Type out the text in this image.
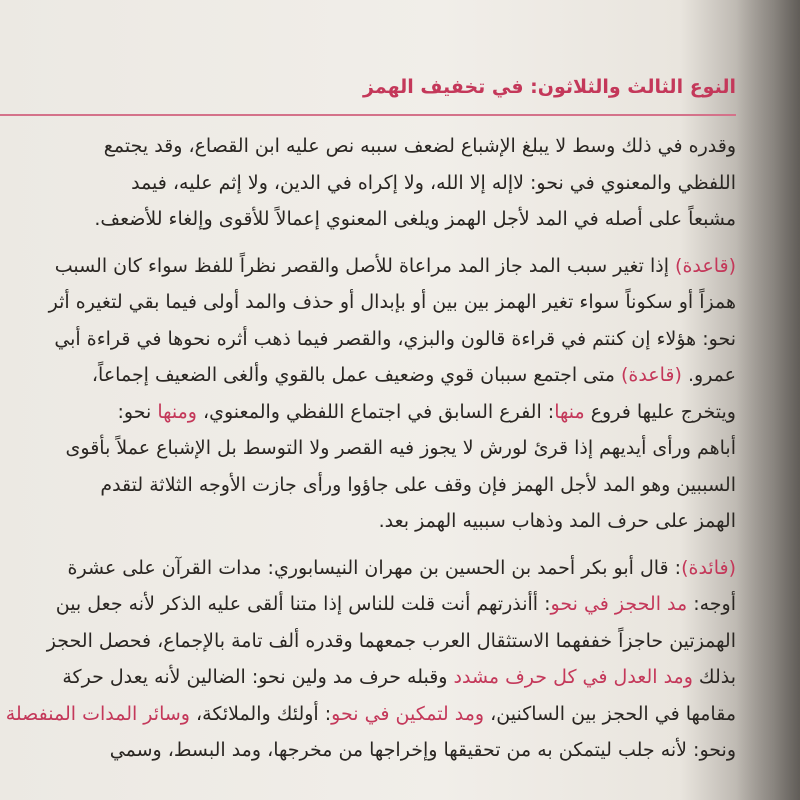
النوع الثالث والثلاثون: في تخفيف الهمز
وقدره في ذلك وسط لا يبلغ الإشباع لضعف سببه نص عليه ابن القصاع، وقد يجتمع
اللفظي والمعنوي في نحو: لاإله إلا الله، ولا إكراه في الدين، ولا إثم عليه، فيمد
مشبعاً على أصله في المد لأجل الهمز ويلغى المعنوي إعمالاً للأقوى وإلغاء للأضعف.
(قاعدة) إذا تغير سبب المد جاز المد مراعاة للأصل والقصر نظراً للفظ سواء كان السبب
همزاً أو سكوناً سواء تغير الهمز بين بين أو بإبدال أو حذف والمد أولى فيما بقي لتغيره أثر
نحو: هؤلاء إن كنتم في قراءة قالون والبزي، والقصر فيما ذهب أثره نحوها في قراءة أبي
عمرو. (قاعدة) متى اجتمع سببان قوي وضعيف عمل بالقوي وألغى الضعيف إجماعاً،
ويتخرج عليها فروع منها: الفرع السابق في اجتماع اللفظي والمعنوي، ومنها نحو:
أباهم ورأى أيديهم إذا قرئ لورش لا يجوز فيه القصر ولا التوسط بل الإشباع عملاً بأقوى
السببين وهو المد لأجل الهمز فإن وقف على جاؤوا ورأى جازت الأوجه الثلاثة لتقدم
الهمز على حرف المد وذهاب سببيه الهمز بعد.
(فائدة): قال أبو بكر أحمد بن الحسين بن مهران النيسابوري: مدات القرآن على عشرة
أوجه: مد الحجز في نحو: أأنذرتهم أنت قلت للناس إذا متنا ألقى عليه الذكر لأنه جعل بين
الهمزتين حاجزاً خففهما الاستثقال العرب جمعهما وقدره ألف تامة بالإجماع، فحصل الحجز
بذلك ومد العدل في كل حرف مشدد وقبله حرف مد ولين نحو: الضالين لأنه يعدل حركة
مقامها في الحجز بين الساكنين، ومد لتمكين في نحو: أولئك والملائكة، وسائر المدات المنفصلة
ونحو: لأنه جلب ليتمكن به من تحقيقها وإخراجها من مخرجها، ومد البسط، وسمي
